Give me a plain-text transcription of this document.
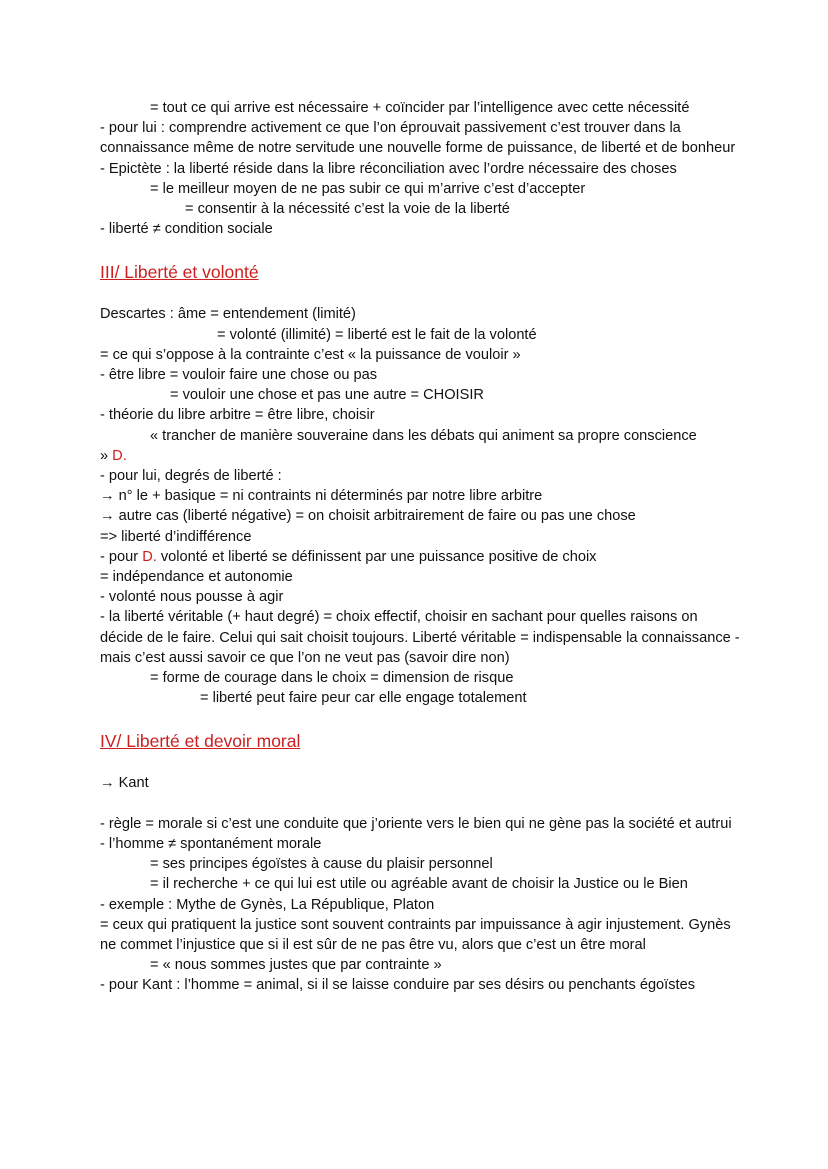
= tout ce qui arrive est nécessaire + coïncider par l’intelligence avec cette nécessité
- pour lui : comprendre activement ce que l’on éprouvait passivement c’est trouver dans la connaissance même de notre servitude une nouvelle forme de puissance, de liberté et de bonheur
- Epictète : la liberté réside dans la libre réconciliation avec l’ordre nécessaire des choses
= le meilleur moyen de ne pas subir ce qui m’arrive c’est d’accepter
= consentir à la nécessité c’est la voie de la liberté
- liberté ≠ condition sociale
III/ Liberté et volonté
Descartes : âme = entendement (limité)
= volonté (illimité) = liberté est le fait de la volonté
= ce qui s’oppose à la contrainte c’est « la puissance de vouloir »
- être libre = vouloir faire une chose ou pas
= vouloir une chose et pas une autre = CHOISIR
- théorie du libre arbitre = être libre, choisir
« trancher de manière souveraine dans les débats qui animent sa propre conscience
» D.
- pour lui, degrés de liberté :
→ n° le + basique = ni contraints ni déterminés par notre libre arbitre
→ autre cas (liberté négative) = on choisit arbitrairement de faire ou pas une chose
=> liberté d’indifférence
- pour D. volonté et liberté se définissent par une puissance positive de choix
= indépendance et autonomie
- volonté nous pousse à agir
- la liberté véritable (+ haut degré) = choix effectif, choisir en sachant pour quelles raisons on décide de le faire. Celui qui sait choisit toujours. Liberté véritable = indispensable la connaissance - mais c’est aussi savoir ce que l’on ne veut pas (savoir dire non)
= forme de courage dans le choix = dimension de risque
= liberté peut faire peur car elle engage totalement
IV/ Liberté et devoir moral
→ Kant
- règle = morale si c’est une conduite que j’oriente vers le bien qui ne gène pas la société et autrui
- l’homme ≠ spontanément morale
= ses principes égoïstes à cause du plaisir personnel
= il recherche + ce qui lui est utile ou agréable avant de choisir la Justice ou le Bien
- exemple : Mythe de Gynès, La République, Platon
= ceux qui pratiquent la justice sont souvent contraints par impuissance à agir injustement. Gynès ne commet l’injustice que si il est sûr de ne pas être vu, alors que c’est un être moral
= « nous sommes justes que par contrainte »
- pour Kant : l’homme = animal, si il se laisse conduire par ses désirs ou penchants égoïstes
